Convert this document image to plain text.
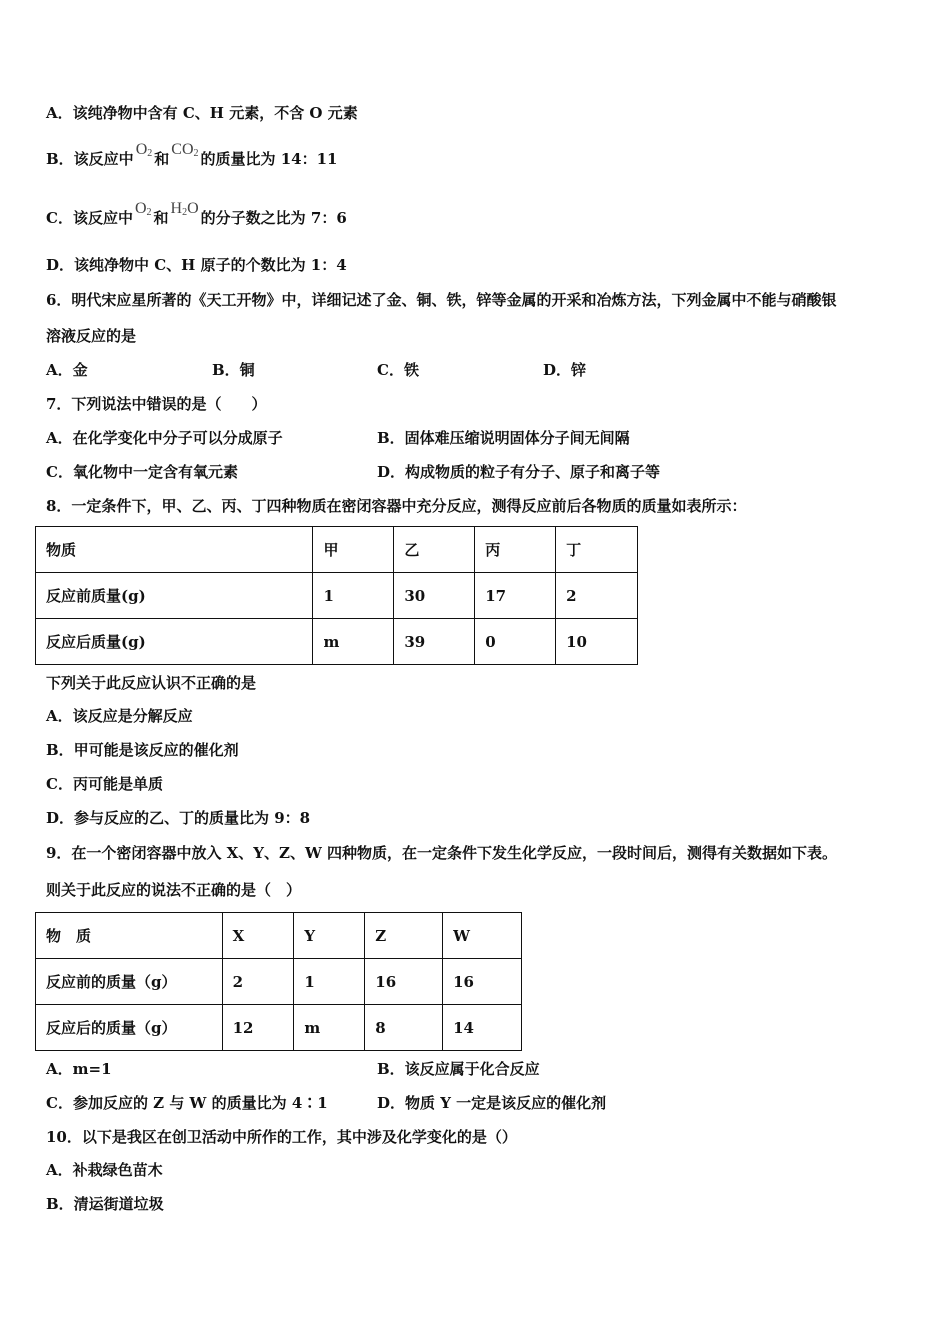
A．该纯净物中含有 C、H 元素，不含 O 元素
B．该反应中$O_2$ 和$CO_2$ 的质量比为 14：11
C．该反应中$O_2$ 和$H_2O$的分子数之比为 7：6
D．该纯净物中 C、H 原子的个数比为 1：4
6．明代宋应星所著的《天工开物》中，详细记述了金、铜、铁，锌等金属的开采和冶炼方法，下列金属中不能与硝酸银
溶液反应的是
A．金	B．铜	C．铁	D．锌
7．下列说法中错误的是（　　）
A．在化学变化中分子可以分成原子	B．固体难压缩说明固体分子间无间隔
C．氧化物中一定含有氧元素	D．构成物质的粒子有分子、原子和离子等
8．一定条件下，甲、乙、丙、丁四种物质在密闭容器中充分反应，测得反应前后各物质的质量如表所示：
物质	甲	乙	丙	丁
反应前质量(g)	1	30	17	2
反应后质量(g)	m	39	0	10
下列关于此反应认识不正确的是
A．该反应是分解反应
B．甲可能是该反应的催化剂
C．丙可能是单质
D．参与反应的乙、丁的质量比为 9：8
9．在一个密闭容器中放入 X、Y、Z、W 四种物质，在一定条件下发生化学反应，一段时间后，测得有关数据如下表。
则关于此反应的说法不正确的是（　）
物　质	X	Y	Z	W
反应前的质量（g）	2	1	16	16
反应后的质量（g）	12	m	8	14
A．m=1	B．该反应属于化合反应
C．参加反应的 Z 与 W 的质量比为 4∶1	D．物质 Y 一定是该反应的催化剂
10．以下是我区在创卫活动中所作的工作，其中涉及化学变化的是（）
A．补栽绿色苗木
B．清运街道垃圾
